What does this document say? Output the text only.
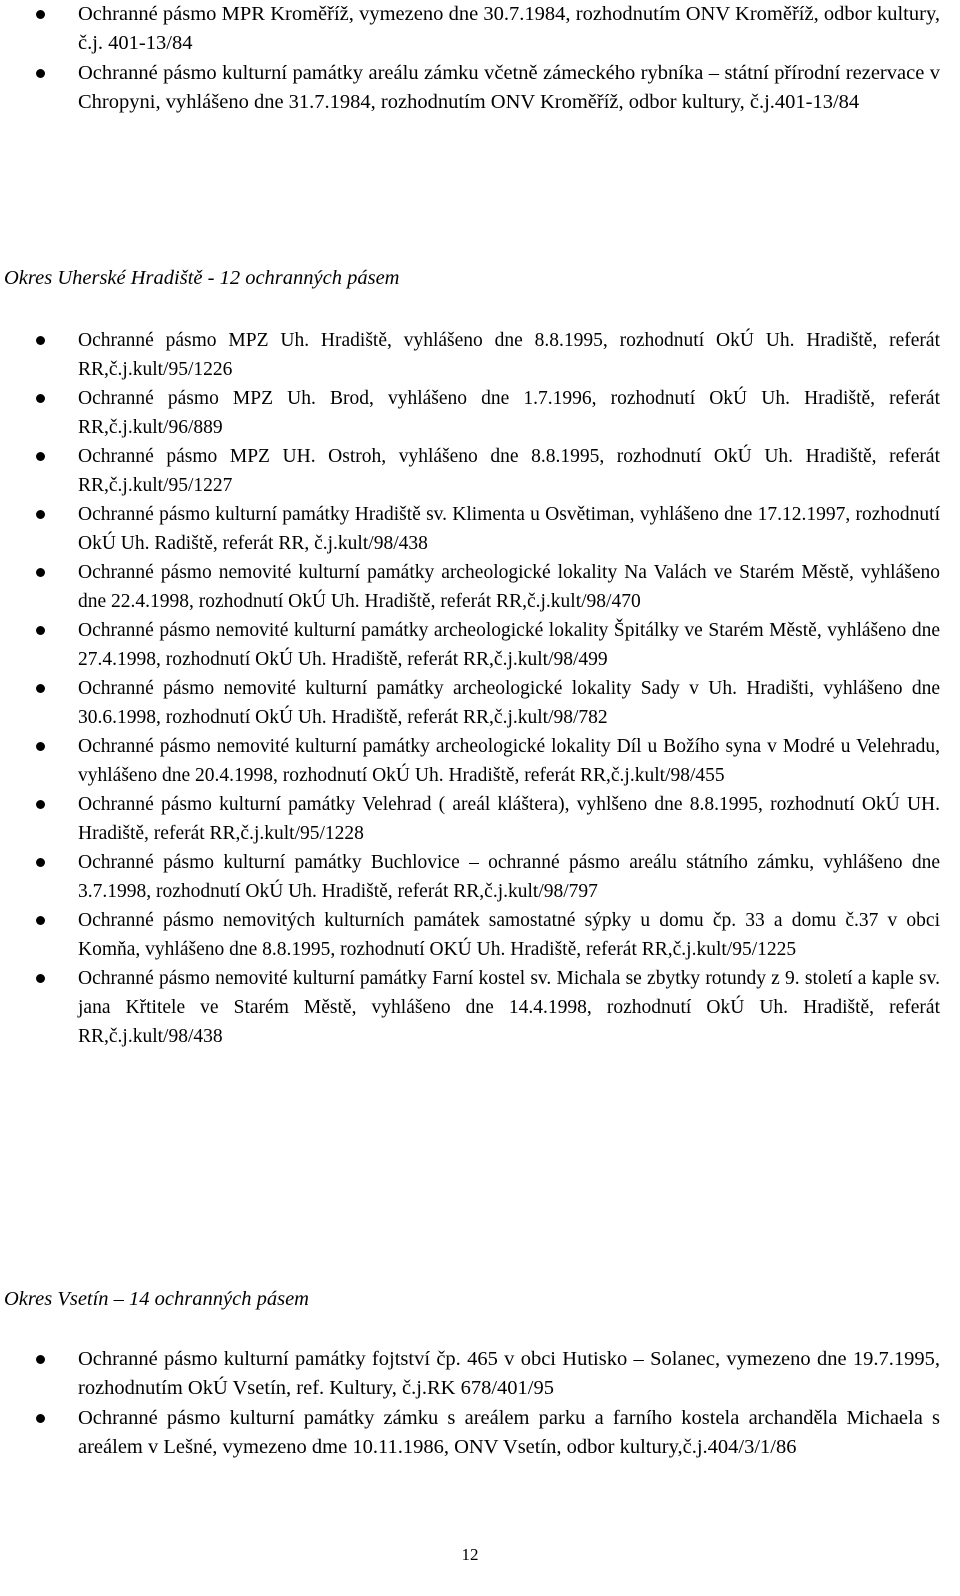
Ochranné pásmo MPR Kroměříž, vymezeno dne 30.7.1984, rozhodnutím ONV Kroměříž, odbor kultury, č.j. 401-13/84
Ochranné pásmo kulturní památky areálu zámku včetně zámeckého rybníka – státní přírodní rezervace v Chropyni, vyhlášeno dne 31.7.1984, rozhodnutím ONV Kroměříž, odbor kultury, č.j.401-13/84
Okres Uherské Hradiště - 12 ochranných pásem
Ochranné pásmo MPZ Uh. Hradiště, vyhlášeno dne 8.8.1995, rozhodnutí OkÚ Uh. Hradiště, referát RR,č.j.kult/95/1226
Ochranné pásmo MPZ Uh. Brod, vyhlášeno dne 1.7.1996, rozhodnutí OkÚ Uh. Hradiště, referát RR,č.j.kult/96/889
Ochranné pásmo MPZ UH. Ostroh, vyhlášeno dne 8.8.1995, rozhodnutí OkÚ Uh. Hradiště, referát RR,č.j.kult/95/1227
Ochranné pásmo kulturní památky Hradiště sv. Klimenta u Osvětiman, vyhlášeno dne 17.12.1997, rozhodnutí OkÚ Uh. Radiště, referát RR, č.j.kult/98/438
Ochranné pásmo nemovité kulturní památky archeologické lokality Na Valách ve Starém Městě, vyhlášeno dne 22.4.1998, rozhodnutí OkÚ Uh. Hradiště, referát RR,č.j.kult/98/470
Ochranné pásmo nemovité kulturní památky archeologické lokality Špitálky ve Starém Městě, vyhlášeno dne 27.4.1998, rozhodnutí OkÚ Uh. Hradiště, referát RR,č.j.kult/98/499
Ochranné pásmo nemovité kulturní památky archeologické lokality Sady v Uh. Hradišti, vyhlášeno dne 30.6.1998, rozhodnutí OkÚ Uh. Hradiště, referát RR,č.j.kult/98/782
Ochranné pásmo nemovité kulturní památky archeologické lokality Díl u Božího syna v Modré u Velehradu, vyhlášeno dne 20.4.1998, rozhodnutí OkÚ Uh. Hradiště, referát RR,č.j.kult/98/455
Ochranné pásmo kulturní památky Velehrad ( areál kláštera), vyhlšeno dne 8.8.1995, rozhodnutí OkÚ UH. Hradiště, referát RR,č.j.kult/95/1228
Ochranné pásmo kulturní památky Buchlovice – ochranné pásmo areálu státního zámku, vyhlášeno dne 3.7.1998, rozhodnutí OkÚ Uh. Hradiště, referát RR,č.j.kult/98/797
Ochranné pásmo nemovitých kulturních památek samostatné sýpky u domu čp. 33 a domu č.37 v obci Komňa, vyhlášeno dne 8.8.1995, rozhodnutí OKÚ Uh. Hradiště, referát RR,č.j.kult/95/1225
Ochranné pásmo nemovité kulturní památky Farní kostel sv. Michala se zbytky rotundy z 9. století a kaple sv. jana Křtitele ve Starém Městě, vyhlášeno dne 14.4.1998, rozhodnutí OkÚ Uh. Hradiště, referát RR,č.j.kult/98/438
Okres Vsetín – 14 ochranných pásem
Ochranné pásmo kulturní památky fojtství čp. 465 v obci Hutisko – Solanec, vymezeno dne 19.7.1995, rozhodnutím OkÚ Vsetín, ref. Kultury, č.j.RK 678/401/95
Ochranné pásmo kulturní památky zámku s areálem parku a farního kostela archanděla Michaela s areálem v Lešné, vymezeno dme 10.11.1986, ONV Vsetín, odbor kultury,č.j.404/3/1/86
12
